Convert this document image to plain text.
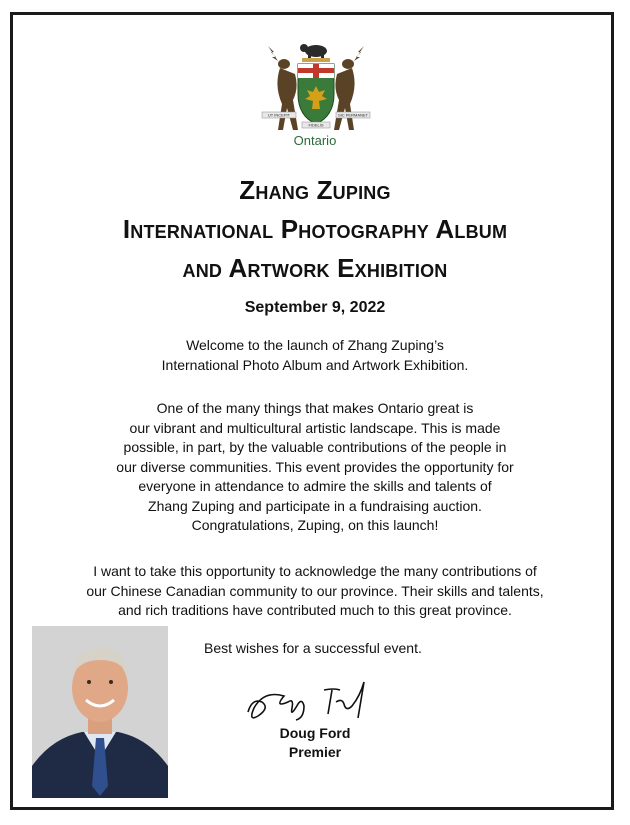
UT INCEPIT	SIC PERMANET
FIDELIS
Ontario
Zhang Zuping
International Photography Album
and Artwork Exhibition
September 9, 2022
Welcome to the launch of Zhang Zuping’s
International Photo Album and Artwork Exhibition.
One of the many things that makes Ontario great is
our vibrant and multicultural artistic landscape. This is made
possible, in part, by the valuable contributions of the people in
our diverse communities. This event provides the opportunity for
everyone in attendance to admire the skills and talents of
Zhang Zuping and participate in a fundraising auction.
Congratulations, Zuping, on this launch!
I want to take this opportunity to acknowledge the many contributions of
our Chinese Canadian community to our province. Their skills and talents,
and rich traditions have contributed much to this great province.
Best wishes for a successful event.
Doug Ford
Premier
